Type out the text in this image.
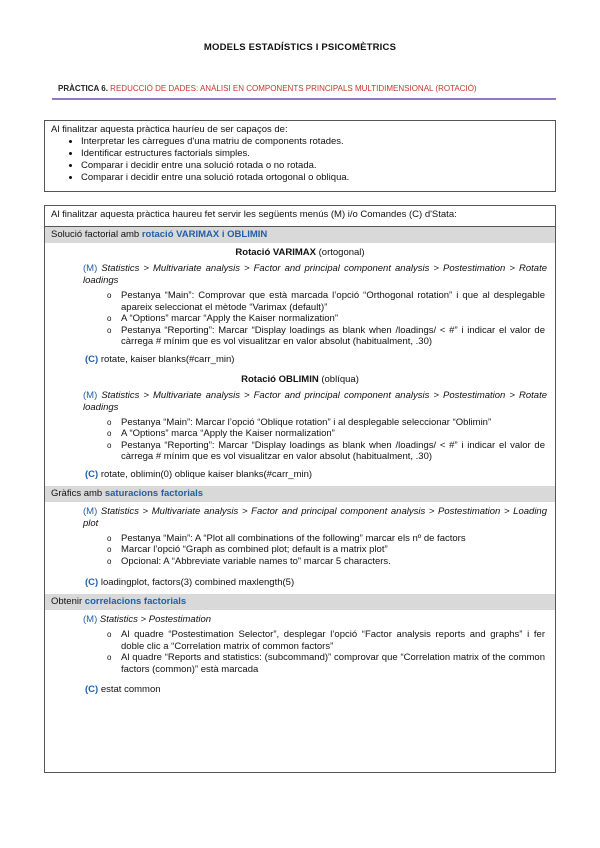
MODELS ESTADÍSTICS I PSICOMÈTRICS
PRÀCTICA 6. REDUCCIÓ DE DADES: ANÀLISI EN COMPONENTS PRINCIPALS MULTIDIMENSIONAL (ROTACIÓ)
Al finalitzar aquesta pràctica hauríeu de ser capaços de:
• Interpretar les càrregues d'una matriu de components rotades.
• Identificar estructures factorials simples.
• Comparar i decidir entre una solució rotada o no rotada.
• Comparar i decidir entre una solució rotada ortogonal o obliqua.
Al finalitzar aquesta pràctica haureu fet servir les següents menús (M) i/o Comandes (C) d'Stata:
Solució factorial amb rotació VARIMAX i OBLIMIN
Rotació VARIMAX (ortogonal)
(M) Statistics > Multivariate analysis > Factor and principal component analysis > Postestimation > Rotate loadings
o Pestanya “Main”: Comprovar que està marcada l’opció “Orthogonal rotation” i que al desplegable apareix seleccionat el mètode “Varimax (default)”
o A “Options” marcar “Apply the Kaiser normalization”
o Pestanya “Reporting”: Marcar “Display loadings as blank when /loadings/ < #” i indicar el valor de càrrega # mínim que es vol visualitzar en valor absolut (habitualment, .30)
(C) rotate, kaiser blanks(#carr_min)
Rotació OBLIMIN (oblíqua)
(M) Statistics > Multivariate analysis > Factor and principal component analysis > Postestimation > Rotate loadings
o Pestanya “Main”: Marcar l’opció “Oblique rotation” i al desplegable seleccionar “Oblimin”
o A “Options” marca “Apply the Kaiser normalization”
o Pestanya “Reporting”: Marcar “Display loadings as blank when /loadings/ < #” i indicar el valor de càrrega # mínim que es vol visualitzar en valor absolut (habitualment, .30)
(C) rotate, oblimin(0) oblique kaiser blanks(#carr_min)
Gràfics amb saturacions factorials
(M) Statistics > Multivariate analysis > Factor and principal component analysis > Postestimation > Loading plot
o Pestanya “Main”: A “Plot all combinations of the following” marcar els nº de factors
o Marcar l’opció “Graph as combined plot; default is a matrix plot”
o Opcional: A “Abbreviate variable names to” marcar 5 characters.
(C) loadingplot, factors(3) combined maxlength(5)
Obtenir correlacions factorials
(M) Statistics > Postestimation
o Al quadre “Postestimation Selector”, desplegar l’opció “Factor analysis reports and graphs” i fer doble clic a “Correlation matrix of common factors”
o Al quadre “Reports and statistics: (subcommand)” comprovar que “Correlation matrix of the common factors (common)” està marcada
(C) estat common
